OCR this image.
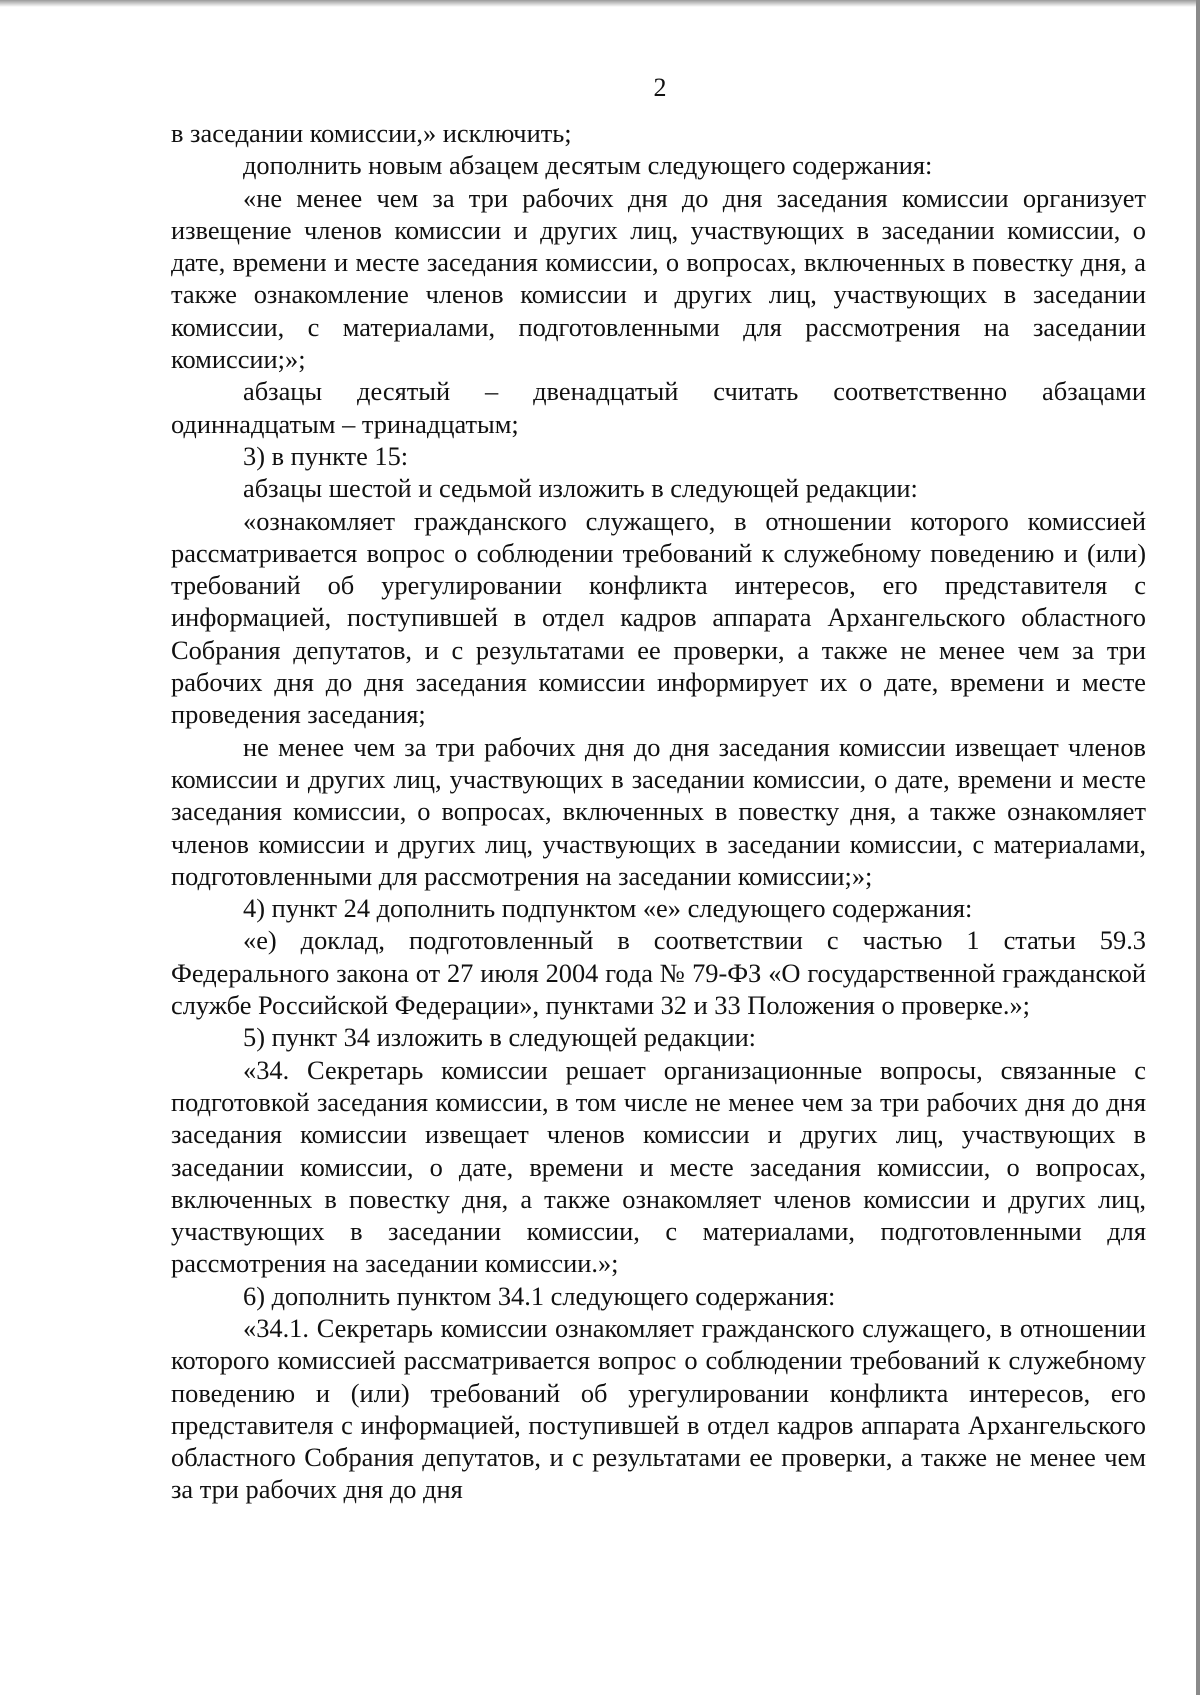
2

в заседании комиссии,» исключить;

дополнить новым абзацем десятым следующего содержания:

«не менее чем за три рабочих дня до дня заседания комиссии организует извещение членов комиссии и других лиц, участвующих в заседании комиссии, о дате, времени и месте заседания комиссии, о вопросах, включенных в повестку дня, а также ознакомление членов комиссии и других лиц, участвующих в заседании комиссии, с материалами, подготовленными для рассмотрения на заседании комиссии;»;

абзацы десятый – двенадцатый считать соответственно абзацами одиннадцатым – тринадцатым;

3) в пункте 15:

абзацы шестой и седьмой изложить в следующей редакции:

«ознакомляет гражданского служащего, в отношении которого комиссией рассматривается вопрос о соблюдении требований к служебному поведению и (или) требований об урегулировании конфликта интересов, его представителя с информацией, поступившей в отдел кадров аппарата Архангельского областного Собрания депутатов, и с результатами ее проверки, а также не менее чем за три рабочих дня до дня заседания комиссии информирует их о дате, времени и месте проведения заседания;

не менее чем за три рабочих дня до дня заседания комиссии извещает членов комиссии и других лиц, участвующих в заседании комиссии, о дате, времени и месте заседания комиссии, о вопросах, включенных в повестку дня, а также ознакомляет членов комиссии и других лиц, участвующих в заседании комиссии, с материалами, подготовленными для рассмотрения на заседании комиссии;»;

4) пункт 24 дополнить подпунктом «е» следующего содержания:

«е) доклад, подготовленный в соответствии с частью 1 статьи 59.3 Федерального закона от 27 июля 2004 года № 79-ФЗ «О государственной гражданской службе Российской Федерации», пунктами 32 и 33 Положения о проверке.»;

5) пункт 34 изложить в следующей редакции:

«34. Секретарь комиссии решает организационные вопросы, связанные с подготовкой заседания комиссии, в том числе не менее чем за три рабочих дня до дня заседания комиссии извещает членов комиссии и других лиц, участвующих в заседании комиссии, о дате, времени и месте заседания комиссии, о вопросах, включенных в повестку дня, а также ознакомляет членов комиссии и других лиц, участвующих в заседании комиссии, с материалами, подготовленными для рассмотрения на заседании комиссии.»;

6) дополнить пунктом 34.1 следующего содержания:

«34.1. Секретарь комиссии ознакомляет гражданского служащего, в отношении которого комиссией рассматривается вопрос о соблюдении требований к служебному поведению и (или) требований об урегулировании конфликта интересов, его представителя с информацией, поступившей в отдел кадров аппарата Архангельского областного Собрания депутатов, и с результатами ее проверки, а также не менее чем за три рабочих дня до дня
